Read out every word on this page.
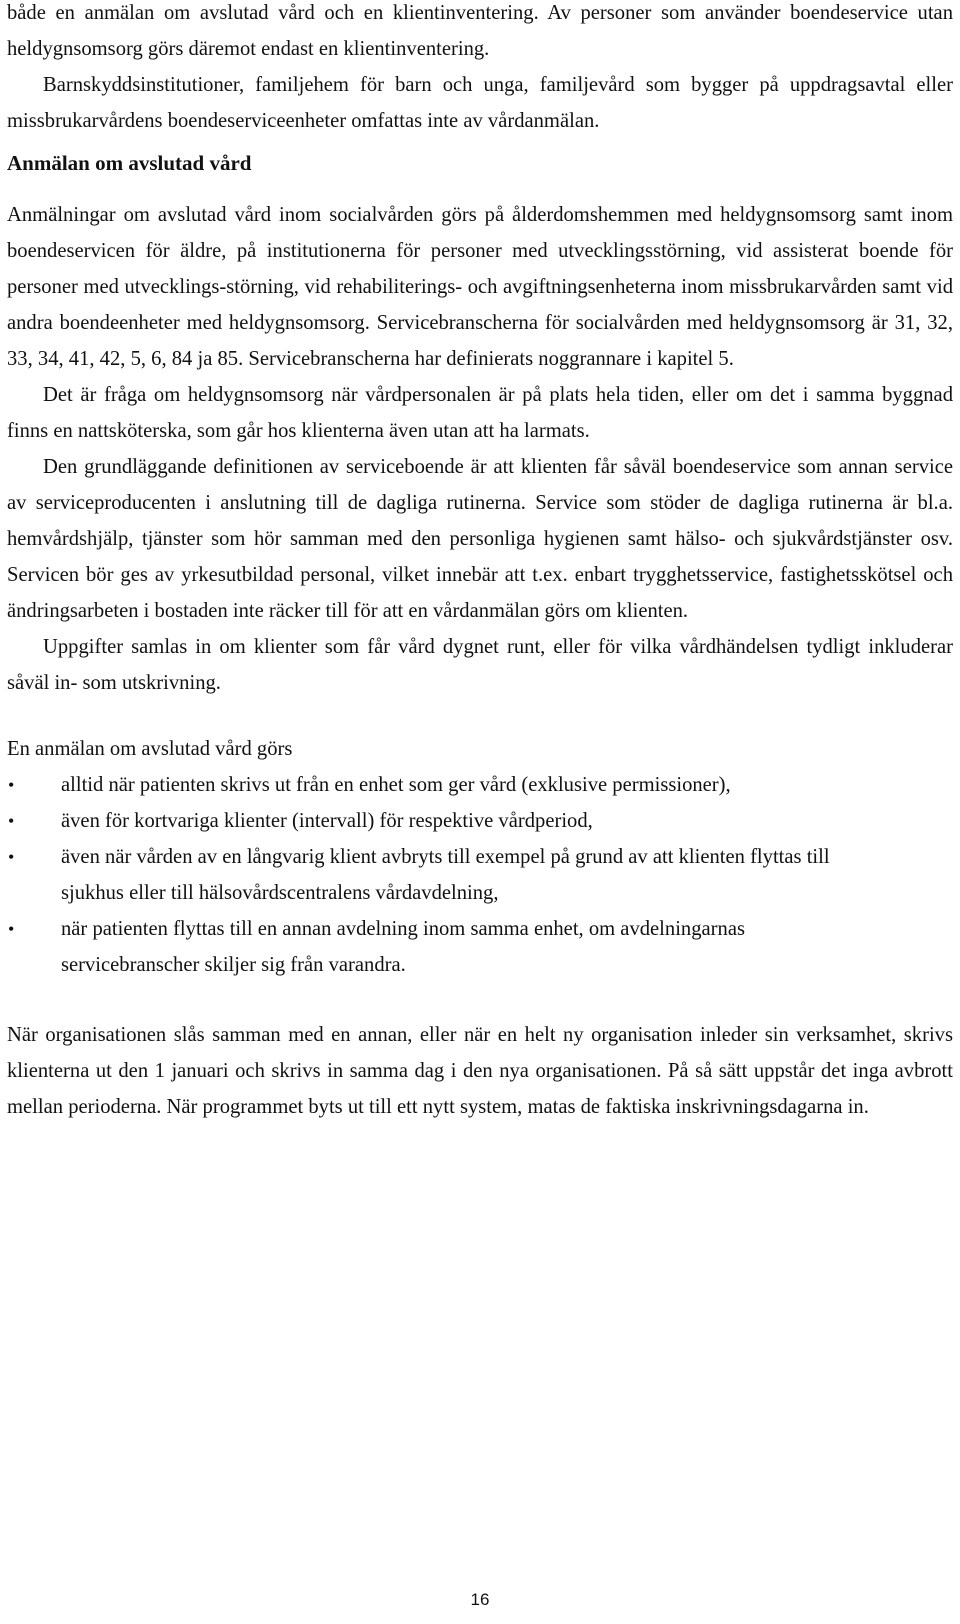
både en anmälan om avslutad vård och en klientinventering. Av personer som använder boendeservice utan heldygnsomsorg görs däremot endast en klientinventering.

Barnskyddsinstitutioner, familjehem för barn och unga, familjevård som bygger på uppdragsavtal eller missbrukarvårdens boendeserviceenheter omfattas inte av vårdanmälan.

Anmälan om avslutad vård

Anmälningar om avslutad vård inom socialvården görs på ålderdomshemmen med heldygnsomsorg samt inom boendeservicen för äldre, på institutionerna för personer med utvecklingsstörning, vid assisterat boende för personer med utvecklings-störning, vid rehabiliterings- och avgiftningsenheterna inom missbrukarvården samt vid andra boendeenheter med heldygnsomsorg. Servicebranscherna för socialvården med heldygnsomsorg är 31, 32, 33, 34, 41, 42, 5, 6, 84 ja 85. Servicebranscherna har definierats noggrannare i kapitel 5.

Det är fråga om heldygnsomsorg när vårdpersonalen är på plats hela tiden, eller om det i samma byggnad finns en nattsköterska, som går hos klienterna även utan att ha larmats.

Den grundläggande definitionen av serviceboende är att klienten får såväl boendeservice som annan service av serviceproducenten i anslutning till de dagliga rutinerna. Service som stöder de dagliga rutinerna är bl.a. hemvårdshjälp, tjänster som hör samman med den personliga hygienen samt hälso- och sjukvårdstjänster osv. Servicen bör ges av yrkesutbildad personal, vilket innebär att t.ex. enbart trygghetsservice, fastighetsskötsel och ändringsarbeten i bostaden inte räcker till för att en vårdanmälan görs om klienten.

Uppgifter samlas in om klienter som får vård dygnet runt, eller för vilka vårdhändelsen tydligt inkluderar såväl in- som utskrivning.

En anmälan om avslutad vård görs

• alltid när patienten skrivs ut från en enhet som ger vård (exklusive permissioner),
• även för kortvariga klienter (intervall) för respektive vårdperiod,
• även när vården av en långvarig klient avbryts till exempel på grund av att klienten flyttas till sjukhus eller till hälsovårdscentralens vårdavdelning,
• när patienten flyttas till en annan avdelning inom samma enhet, om avdelningarnas servicebranscher skiljer sig från varandra.

När organisationen slås samman med en annan, eller när en helt ny organisation inleder sin verksamhet, skrivs klienterna ut den 1 januari och skrivs in samma dag i den nya organisationen. På så sätt uppstår det inga avbrott mellan perioderna. När programmet byts ut till ett nytt system, matas de faktiska inskrivningsdagarna in.

16
